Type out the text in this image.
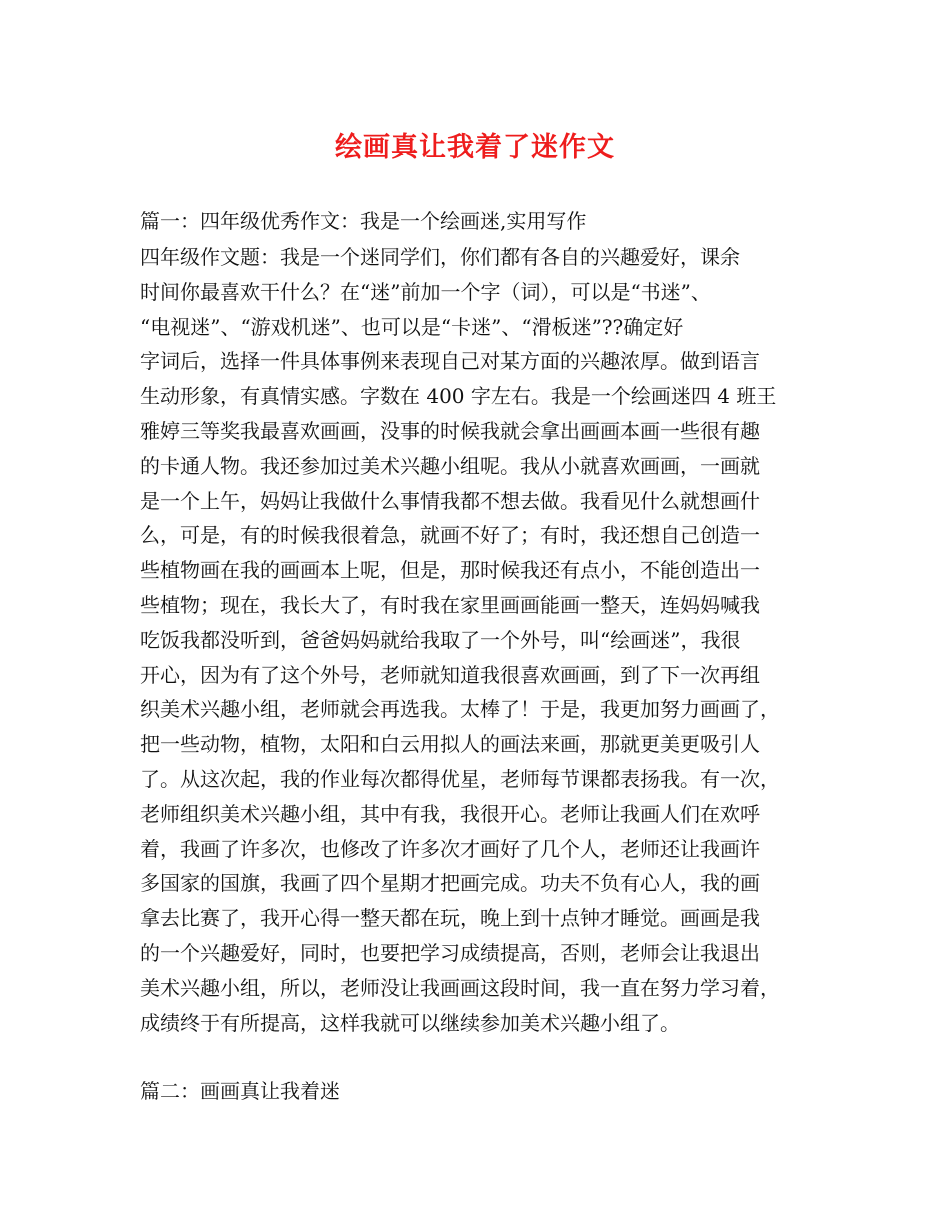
绘画真让我着了迷作文
篇一：四年级优秀作文：我是一个绘画迷,实用写作
四年级作文题：我是一个迷同学们，你们都有各自的兴趣爱好，课余
时间你最喜欢干什么？在“迷”前加一个字（词），可以是“书迷”、
“电视迷”、“游戏机迷”、也可以是“卡迷”、“滑板迷”??确定好
字词后，选择一件具体事例来表现自己对某方面的兴趣浓厚。做到语言
生动形象，有真情实感。字数在 400 字左右。我是一个绘画迷四 4 班王
雅婷三等奖我最喜欢画画，没事的时候我就会拿出画画本画一些很有趣
的卡通人物。我还参加过美术兴趣小组呢。我从小就喜欢画画，一画就
是一个上午，妈妈让我做什么事情我都不想去做。我看见什么就想画什
么，可是，有的时候我很着急，就画不好了；有时，我还想自己创造一
些植物画在我的画画本上呢，但是，那时候我还有点小，不能创造出一
些植物；现在，我长大了，有时我在家里画画能画一整天，连妈妈喊我
吃饭我都没听到，爸爸妈妈就给我取了一个外号，叫“绘画迷”，我很
开心，因为有了这个外号，老师就知道我很喜欢画画，到了下一次再组
织美术兴趣小组，老师就会再选我。太棒了！于是，我更加努力画画了，
把一些动物，植物，太阳和白云用拟人的画法来画，那就更美更吸引人
了。从这次起，我的作业每次都得优星，老师每节课都表扬我。有一次，
老师组织美术兴趣小组，其中有我，我很开心。老师让我画人们在欢呼
着，我画了许多次，也修改了许多次才画好了几个人，老师还让我画许
多国家的国旗，我画了四个星期才把画完成。功夫不负有心人，我的画
拿去比赛了，我开心得一整天都在玩，晚上到十点钟才睡觉。画画是我
的一个兴趣爱好，同时，也要把学习成绩提高，否则，老师会让我退出
美术兴趣小组，所以，老师没让我画画这段时间，我一直在努力学习着，
成绩终于有所提高，这样我就可以继续参加美术兴趣小组了。
篇二：画画真让我着迷
